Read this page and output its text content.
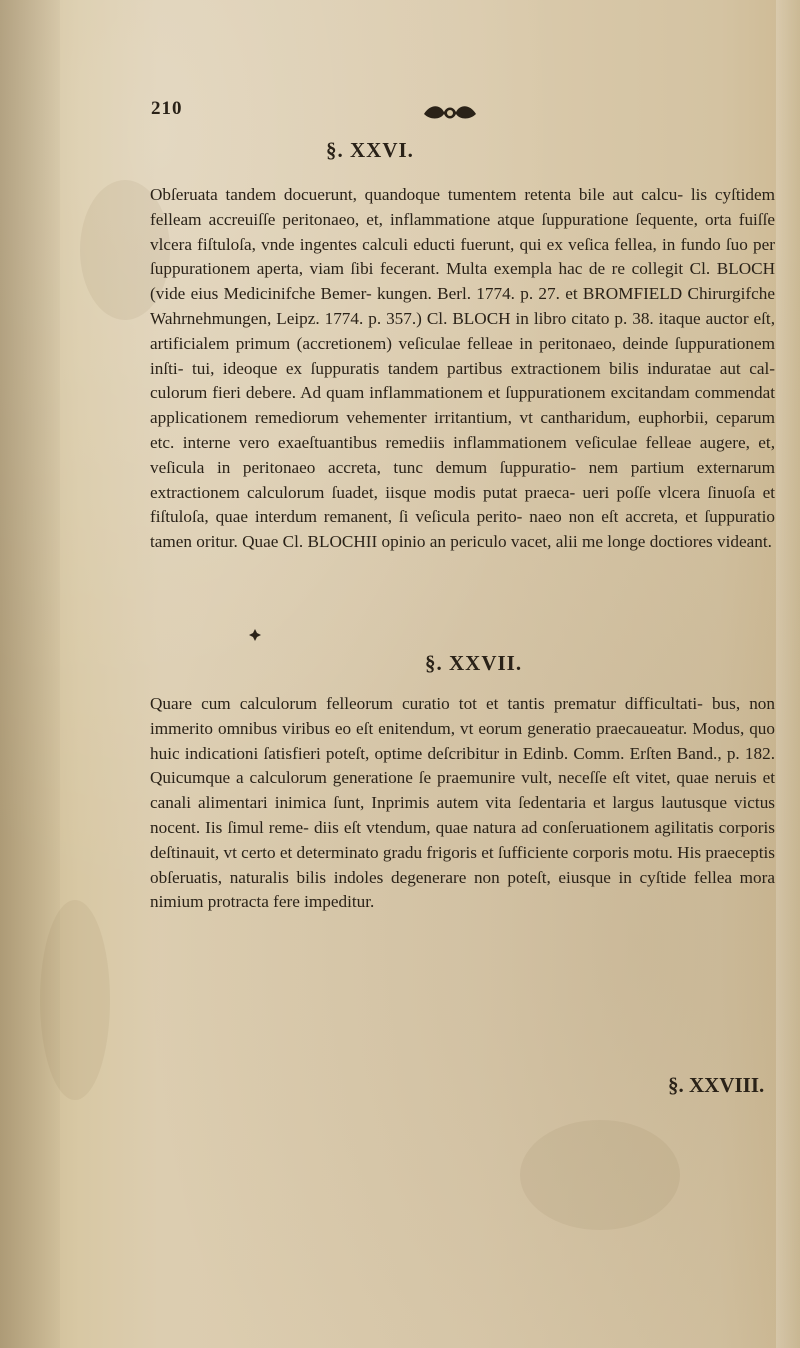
210
§. XXVI.

Obſeruata tandem docuerunt, quandoque tumentem retenta bile aut calcu- lis cyſtidem felleam accreuiſſe peritonaeo, et, inflammatione atque ſuppuratione ſequente, orta fuiſſe vlcera fiſtuloſa, vnde ingentes calculi educti fuerunt, qui ex veſica fellea, in fundo ſuo per ſuppurationem aperta, viam ſibi fecerant. Multa exempla hac de re collegit Cl. BLOCH (vide eius Medicinifche Bemer- kungen. Berl. 1774. p. 27. et BROMFIELD Chirurgifche Wahrnehmungen, Leipz. 1774. p. 357.) Cl. BLOCH in libro citato p. 38. itaque auctor eſt, artificialem primum (accretionem) veſiculae felleae in peritonaeo, deinde ſuppurationem inſti- tui, ideoque ex ſuppuratis tandem partibus extractionem bilis induratae aut cal- culorum fieri debere. Ad quam inflammationem et ſuppurationem excitandam commendat applicationem remediorum vehementer irritantium, vt cantharidum, euphorbii, ceparum etc. interne vero exaeſtuantibus remediis inflammationem veſiculae felleae augere, et, veſicula in peritonaeo accreta, tunc demum ſuppuratio- nem partium externarum extractionem calculorum ſuadet, iisque modis putat praeca- ueri poſſe vlcera ſinuoſa et fiſtuloſa, quae interdum remanent, ſi veſicula perito- naeo non eſt accreta, et ſuppuratio tamen oritur. Quae Cl. BLOCHII opinio an periculo vacet, alii me longe doctiores videant.

§. XXVII.

Quare cum calculorum felleorum curatio tot et tantis prematur difficultati- bus, non immerito omnibus viribus eo eſt enitendum, vt eorum generatio praecaueatur. Modus, quo huic indicationi ſatisfieri poteſt, optime deſcribitur in Edinb. Comm. Erſten Band., p. 182. Quicumque a calculorum generatione ſe praemunire vult, neceſſe eſt vitet, quae neruis et canali alimentari inimica ſunt, Inprimis autem vita ſedentaria et largus lautusque victus nocent. Iis ſimul reme- diis eſt vtendum, quae natura ad conſeruationem agilitatis corporis deſtinauit, vt certo et determinato gradu frigoris et ſufficiente corporis motu. His praeceptis obſeruatis, naturalis bilis indoles degenerare non poteſt, eiusque in cyſtide fellea mora nimium protracta fere impeditur.

§. XXVIII.
